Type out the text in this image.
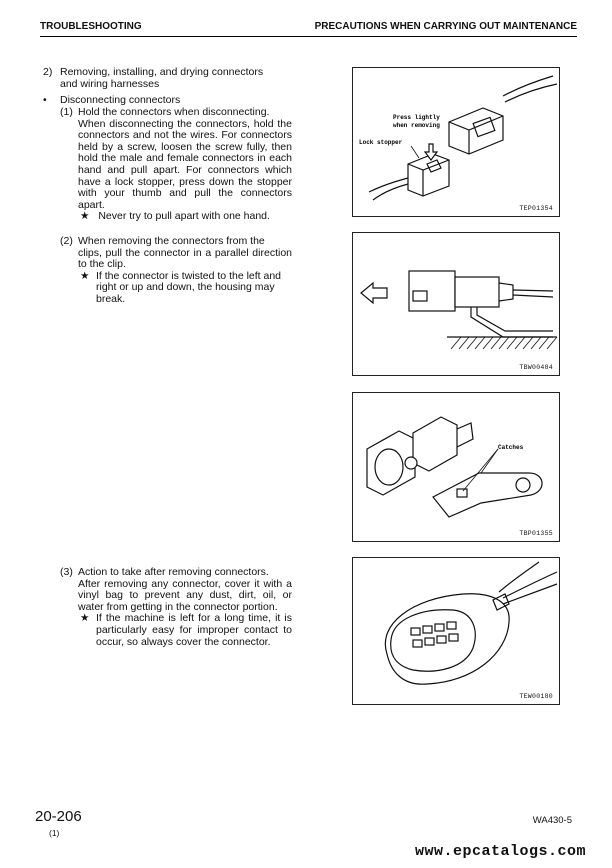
TROUBLESHOOTING	PRECAUTIONS WHEN CARRYING OUT MAINTENANCE
2) Removing, installing, and drying connectors

and wiring harnesses

• Disconnecting connectors
(1) Hold the connectors when disconnecting.

When disconnecting the connectors, hold the connectors and not the wires. For connectors held by a screw, loosen the screw fully, then hold the male and female connectors in each hand and pull apart. For connectors which have a lock stopper, press down the stopper with your thumb and pull the connectors apart.

★ Never try to pull apart with one hand.

(2) When removing the connectors from the

clips, pull the connector in a parallel direction to the clip.

★ If the connector is twisted to the left and right or up and down, the housing may break.

(3) Action to take after removing connectors.

After removing any connector, cover it with a vinyl bag to prevent any dust, dirt, oil, or water from getting in the connector portion.

★ If the machine is left for a long time, it is particularly easy for improper contact to occur, so always cover the connector.

Press lightly
when removing
Lock stopper
TEP01354
TBW00484
Catches
TBP01355
TEW00180
20-206
(1)
WA430-5
www.epcatalogs.com
